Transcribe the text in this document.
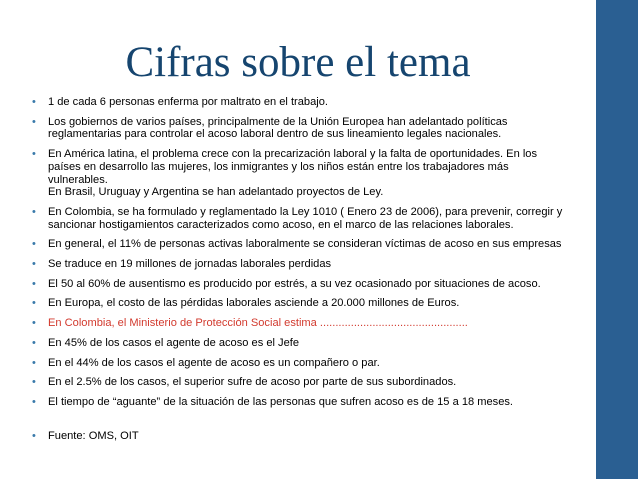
Cifras sobre el tema
• 1 de cada 6 personas enferma por maltrato en el trabajo.
• Los gobiernos de varios países, principalmente de la Unión Europea han adelantado políticas
reglamentarias para controlar el acoso laboral dentro de sus lineamiento legales nacionales.
• En América latina, el problema crece con la precarización laboral y la falta de oportunidades. En los
países en desarrollo las mujeres, los inmigrantes y los niños están entre los trabajadores más
vulnerables.
En Brasil, Uruguay y Argentina se han adelantado proyectos de Ley.
• En Colombia, se ha formulado y reglamentado la Ley 1010 ( Enero 23 de 2006), para prevenir, corregir y
sancionar hostigamientos caracterizados como acoso, en el marco de las relaciones laborales.
• En general, el 11% de personas activas laboralmente se consideran víctimas de acoso en sus empresas
• Se traduce en 19 millones de jornadas laborales perdidas
• El 50 al 60% de ausentismo es producido por estrés, a su vez ocasionado por situaciones de acoso.
• En Europa, el costo de las pérdidas laborales asciende a 20.000 millones de Euros.
• En Colombia, el Ministerio de Protección Social estima ................................................
• En 45% de los casos el agente de acoso es el Jefe
• En el 44% de los casos el agente de acoso es un compañero o par.
• En el 2.5% de los casos, el superior sufre de acoso por parte de sus subordinados.
• El tiempo de “aguante” de la situación de las personas que sufren acoso es de 15 a 18 meses.
• Fuente: OMS, OIT
